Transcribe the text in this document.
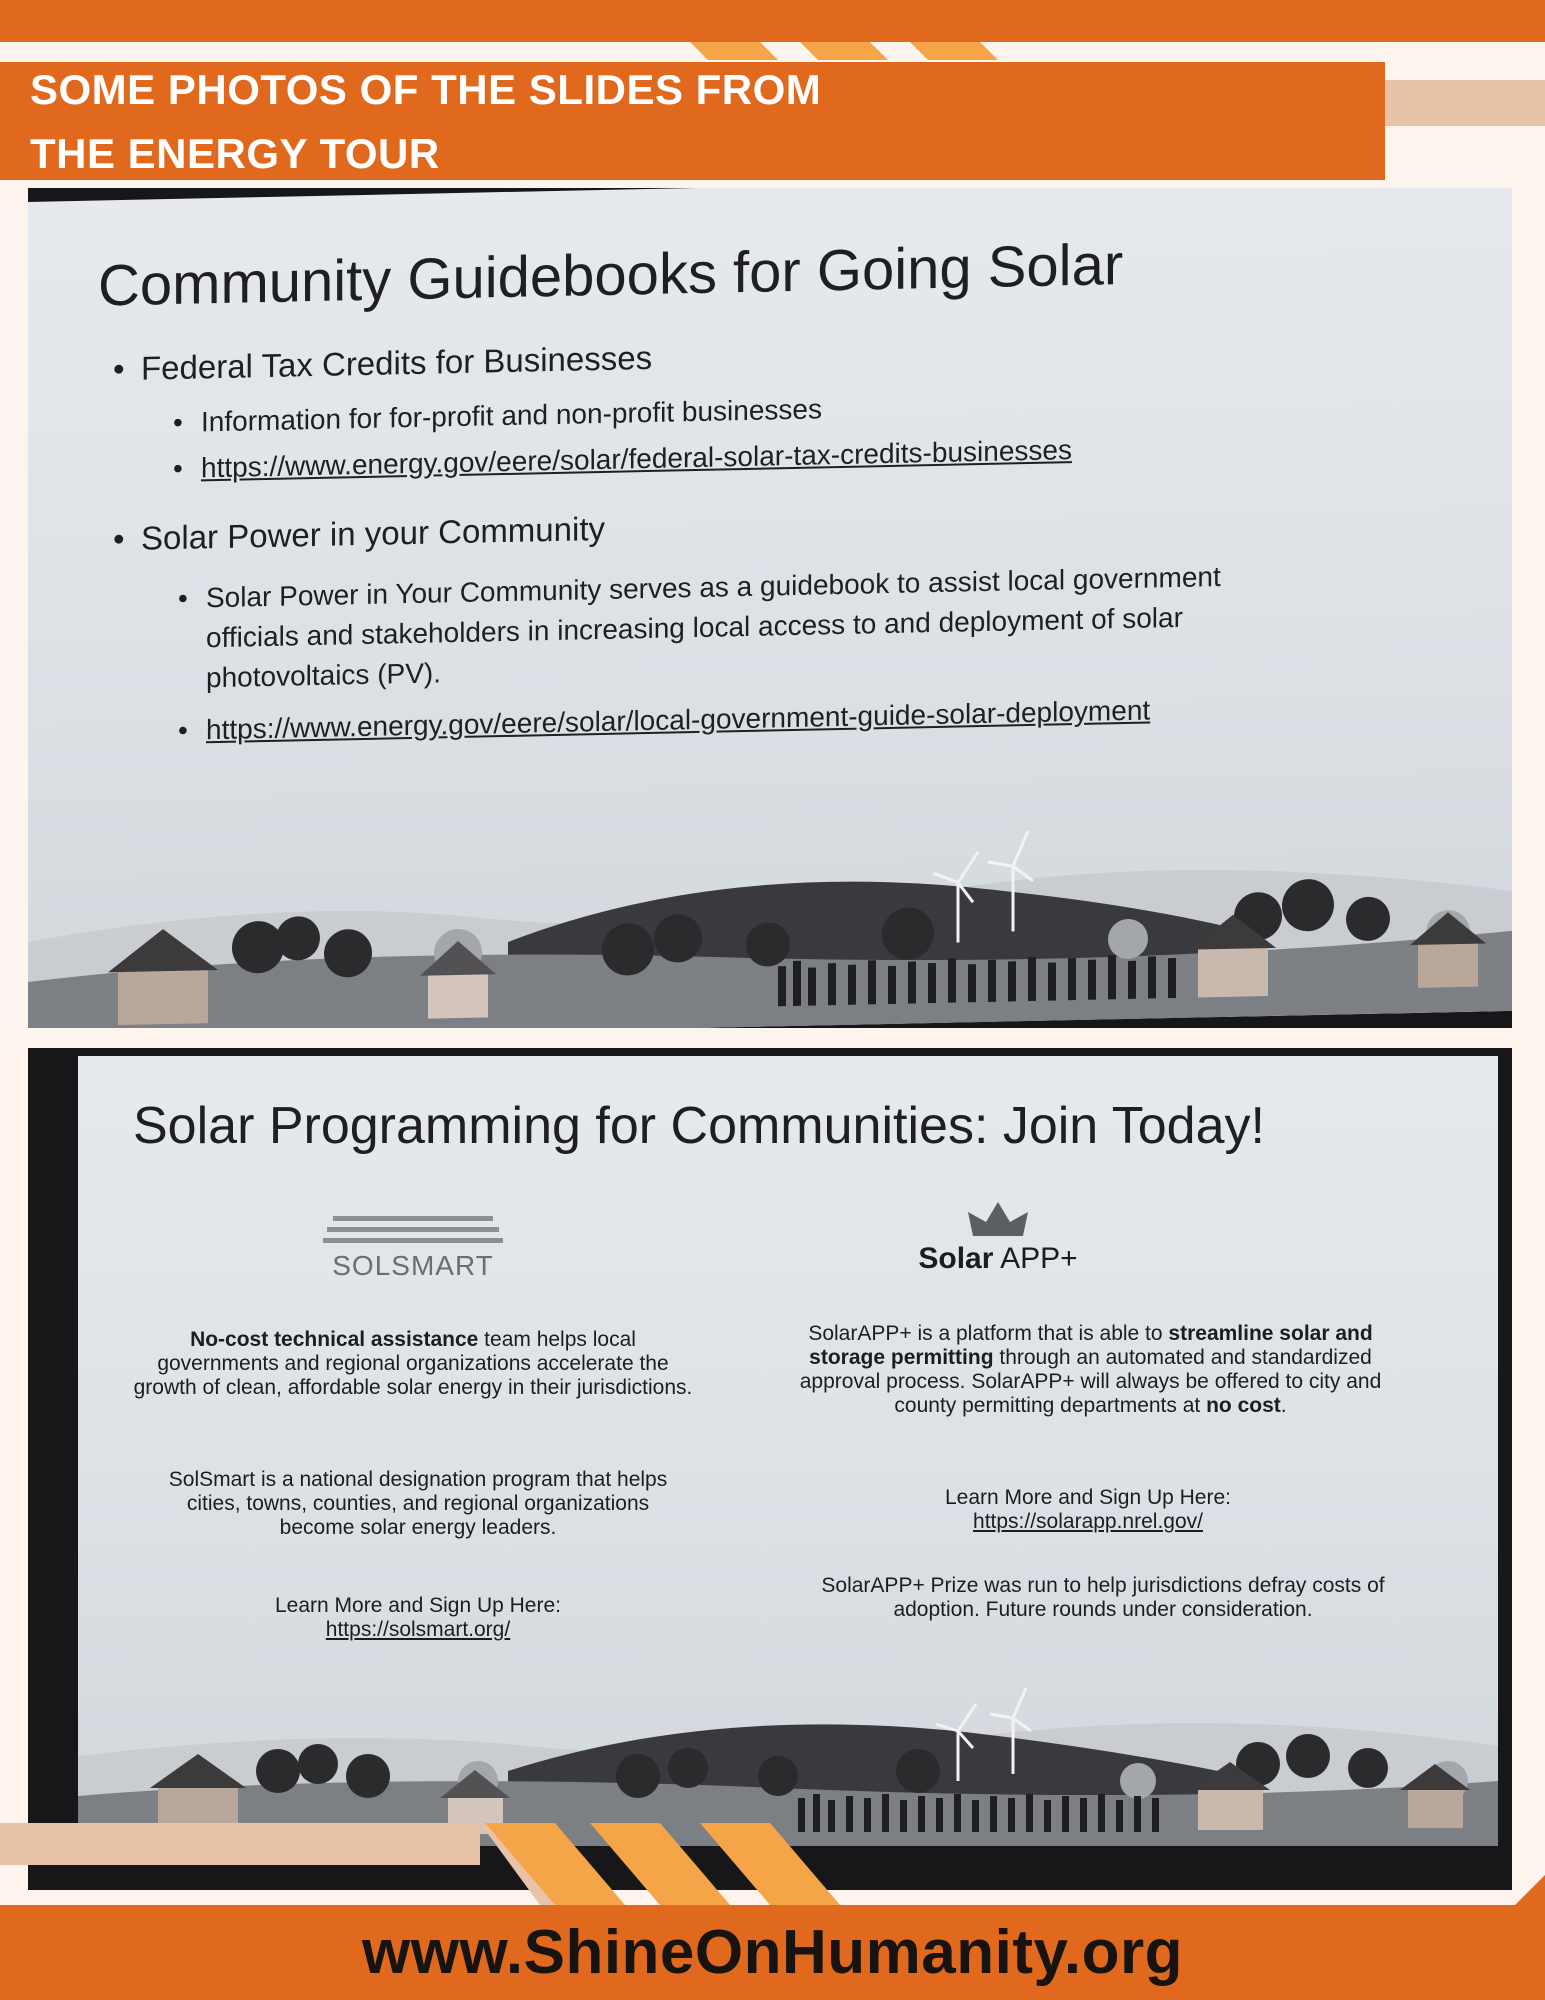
SOME PHOTOS OF THE SLIDES FROM
THE ENERGY TOUR
Community Guidebooks for Going Solar
• Federal Tax Credits for Businesses
• Information for for-profit and non-profit businesses
• https://www.energy.gov/eere/solar/federal-solar-tax-credits-businesses
• Solar Power in your Community
• Solar Power in Your Community serves as a guidebook to assist local government
officials and stakeholders in increasing local access to and deployment of solar
photovoltaics (PV).
• https://www.energy.gov/eere/solar/local-government-guide-solar-deployment
Solar Programming for Communities: Join Today!
SOLSMART
No-cost technical assistance team helps local governments and regional organizations accelerate the growth of clean, affordable solar energy in their jurisdictions.
SolSmart is a national designation program that helps cities, towns, counties, and regional organizations become solar energy leaders.
Learn More and Sign Up Here:
https://solsmart.org/
Solar APP+
SolarAPP+ is a platform that is able to streamline solar and storage permitting through an automated and standardized approval process. SolarAPP+ will always be offered to city and county permitting departments at no cost.
Learn More and Sign Up Here:
https://solarapp.nrel.gov/
SolarAPP+ Prize was run to help jurisdictions defray costs of adoption. Future rounds under consideration.
www.ShineOnHumanity.org
